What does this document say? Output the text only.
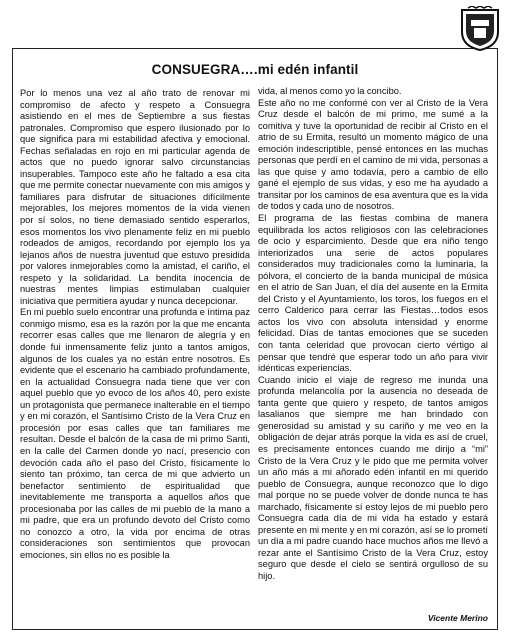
CONSUEGRA….mi edén infantil

Por lo menos una vez al año trato de renovar mi compromiso de afecto y respeto a Consuegra asistiendo en el mes de Septiembre a sus fiestas patronales. Compromiso que espero ilusionado por lo que significa para mi estabilidad afectiva y emocional. Fechas señaladas en rojo en mi particular agenda de actos que no puedo ignorar salvo circunstancias insuperables. Tampoco este año he faltado a esa cita que me permite conectar nuevamente con mis amigos y familiares para disfrutar de situaciones difícilmente mejorables, los mejores momentos de la vida vienen por sí solos, no tiene demasiado sentido esperarlos, esos momentos los vivo plenamente feliz en mi pueblo rodeados de amigos, recordando por ejemplo los ya lejanos años de nuestra juventud que estuvo presidida por valores inmejorables como la amistad, el cariño, el respeto y la solidaridad. La bendita inocencia de nuestras mentes limpias estimulaban cualquier iniciativa que permitiera ayudar y nunca decepcionar.

En mi pueblo suelo encontrar una profunda e íntima paz conmigo mismo, esa es la razón por la que me encanta recorrer esas calles que me llenaron de alegría y en donde fui inmensamente feliz junto a tantos amigos, algunos de los cuales ya no están entre nosotros. Es evidente que el escenario ha cambiado profundamente, en la actualidad Consuegra nada tiene que ver con aquel pueblo que yo evoco de los años 40, pero existe un protagonista que permanece inalterable en el tiempo y en mi corazón, el Santísimo Cristo de la Vera Cruz en procesión por esas calles que tan familiares me resultan. Desde el balcón de la casa de mi primo Santi, en la calle del Carmen donde yo nací, presencio con devoción cada año el paso del Cristo, físicamente lo siento tan próximo, tan cerca de mi que advierto un benefactor sentimiento de espiritualidad que inevitablemente me transporta a aquellos años que procesionaba por las calles de mi pueblo de la mano a mi padre, que era un profundo devoto del Cristo como no conozco a otro, la vida por encima de otras consideraciones son sentimientos que provocan emociones, sin ellos no es posible la

vida, al menos como yo la concibo.

Este año no me conformé con ver al Cristo de la Vera Cruz desde el balcón de mi primo, me sumé a la comitiva y tuve la oportunidad de recibir al Cristo en el atrio de su Ermita, resultó un momento mágico de una emoción indescriptible, pensé entonces en las muchas personas que perdí en el camino de mi vida, personas a las que quise y amo todavía, pero a cambio de ello gané el ejemplo de sus vidas, y eso me ha ayudado a transitar por los caminos de esa aventura que es la vida de todos y cada uno de nosotros.

El programa de las fiestas combina de manera equilibrada los actos religiosos con las celebraciones de ocio y esparcimiento. Desde que era niño tengo interiorizados una serie de actos populares considerados muy tradicionales como la luminaria, la pólvora, el concierto de la banda municipal de música en el atrio de San Juan, el día del ausente en la Ermita del Cristo y el Ayuntamiento, los toros, los fuegos en el cerro Calderico para cerrar las Fiestas…todos esos actos los vivo con absoluta intensidad y enorme felicidad. Días de tantas emociones que se suceden con tanta celeridad que provocan cierto vértigo al pensar que tendré que esperar todo un año para vivir idénticas experiencias.

Cuando inicio el viaje de regreso me inunda una profunda melancolía por la ausencia no deseada de tanta gente que quiero y respeto, de tantos amigos lasalianos que siempre me han brindado con generosidad su amistad y su cariño y me veo en la obligación de dejar atrás porque la vida es así de cruel, es precisamente entonces cuando me dirijo a “mi” Cristo de la Vera Cruz y le pido que me permita volver un año más a mi añorado edén infantil en mi querido pueblo de Consuegra, aunque reconozco que lo digo mal porque no se puede volver de donde nunca te has marchado, físicamente sí estoy lejos de mi pueblo pero Consuegra cada día de mi vida ha estado y estará presente en mi mente y en mi corazón, así se lo prometí un día a mi padre cuando hace muchos años me llevó a rezar ante el Santísimo Cristo de la Vera Cruz, estoy seguro que desde el cielo se sentirá orgulloso de su hijo.

Vicente Merino
